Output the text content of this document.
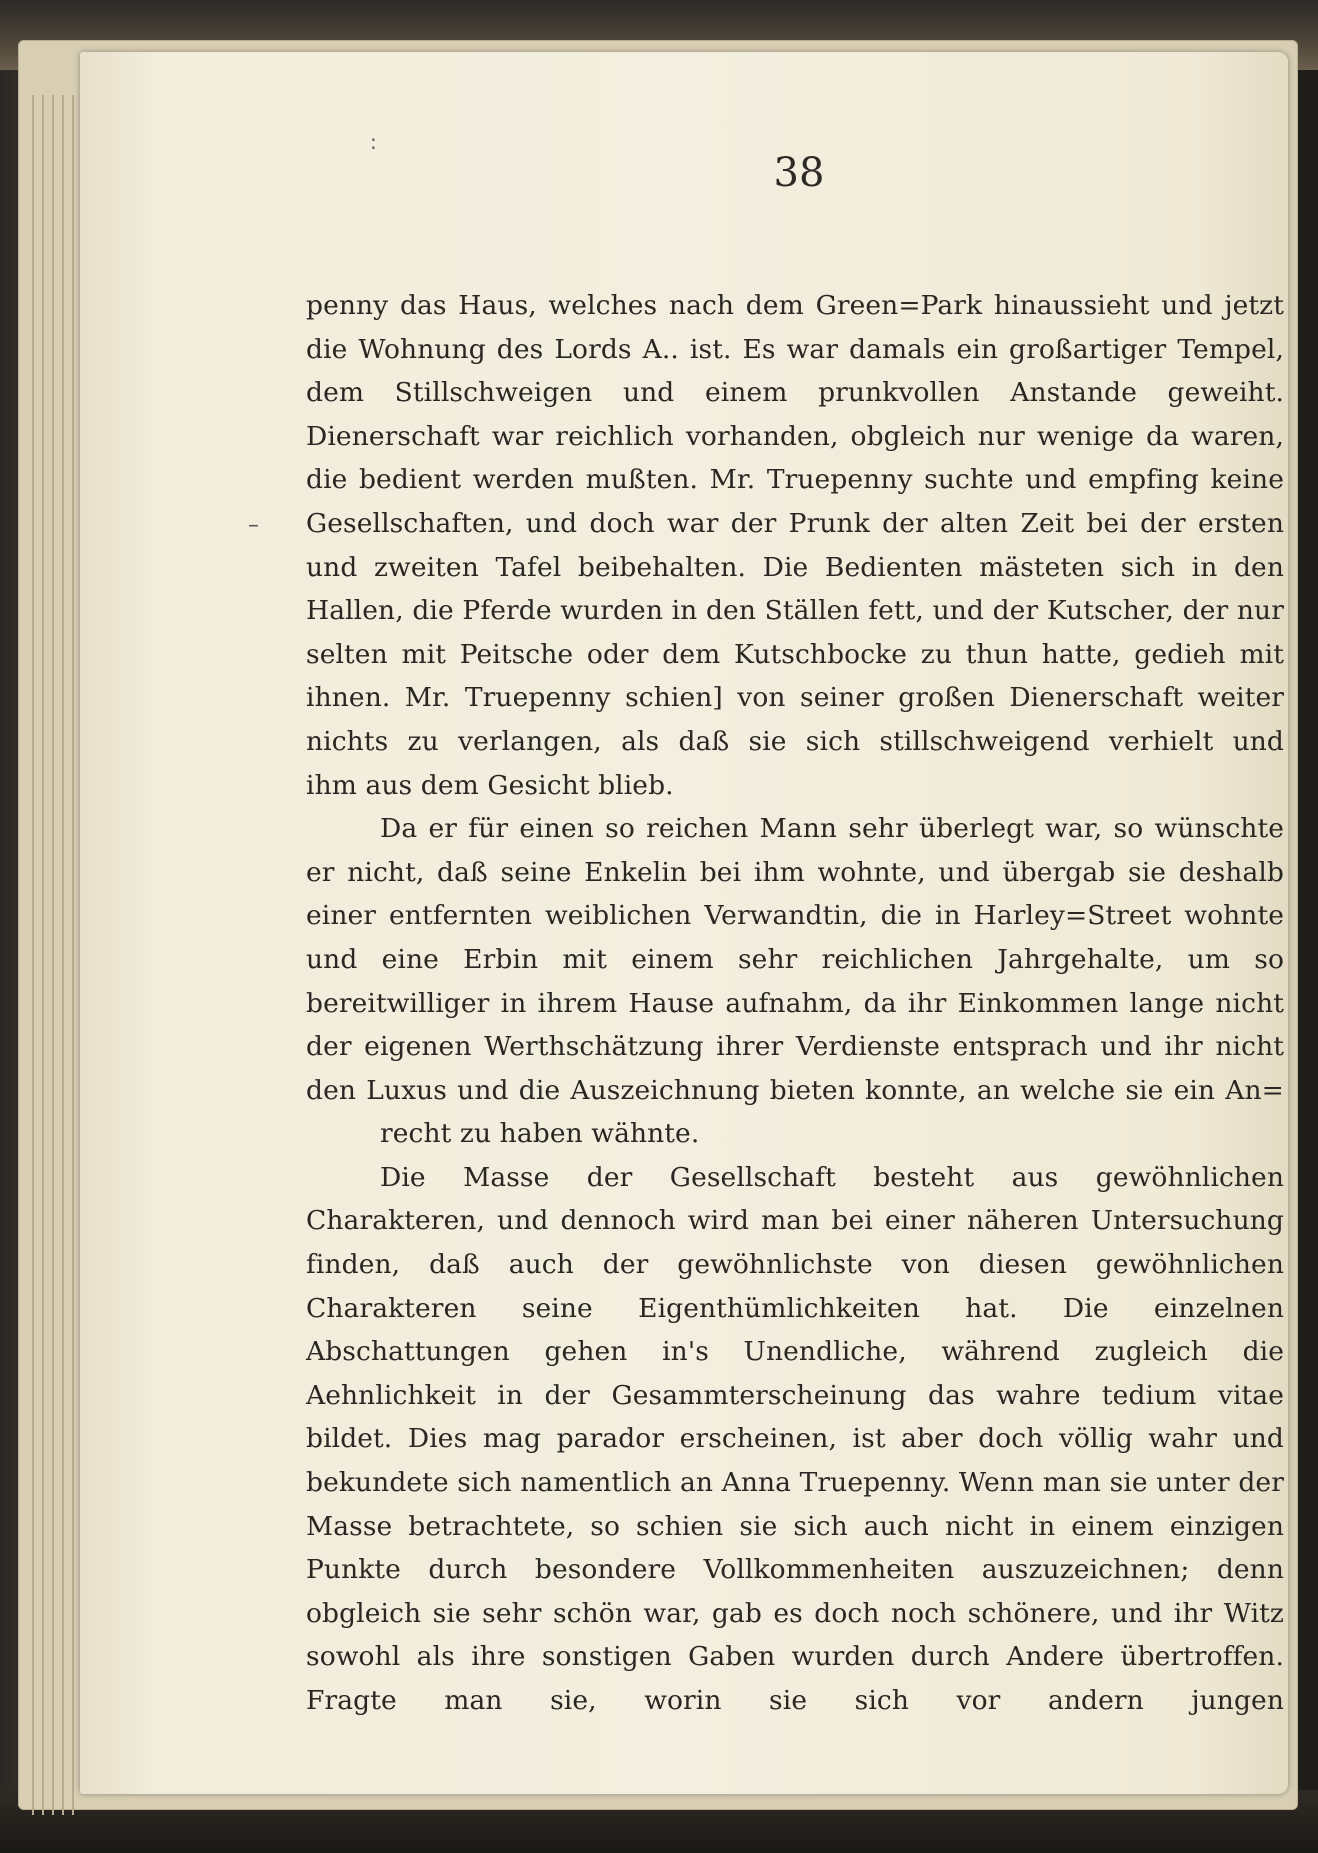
:
–
38

penny das Haus, welches nach dem Green=Park hinaussieht und jetzt die Wohnung des Lords A.. ist. Es war damals ein großartiger Tempel, dem Stillschweigen und einem prunkvollen Anstande geweiht. Dienerschaft war reichlich vorhanden, obgleich nur wenige da waren, die bedient werden mußten. Mr. Truepenny suchte und empfing keine Gesellschaften, und doch war der Prunk der alten Zeit bei der ersten und zweiten Tafel beibehalten. Die Bedienten mästeten sich in den Hallen, die Pferde wurden in den Ställen fett, und der Kutscher, der nur selten mit Peitsche oder dem Kutschbocke zu thun hatte, gedieh mit ihnen. Mr. Truepenny schien] von seiner großen Dienerschaft weiter nichts zu verlangen, als daß sie sich stillschweigend verhielt und
ihm aus dem Gesicht blieb.

Da er für einen so reichen Mann sehr überlegt war, so wünschte er nicht, daß seine Enkelin bei ihm wohnte, und übergab sie deshalb einer entfernten weiblichen Verwandtin, die in Harley=Street wohnte und eine Erbin mit einem sehr reichlichen Jahrgehalte, um so bereitwilliger in ihrem Hause aufnahm, da ihr Einkommen lange nicht der eigenen Werthschätzung ihrer Verdienste entsprach und ihr nicht den Luxus und die Auszeichnung bieten konnte, an welche sie ein An=
recht zu haben wähnte.

Die Masse der Gesellschaft besteht aus gewöhnlichen Charakteren, und dennoch wird man bei einer näheren Untersuchung finden, daß auch der gewöhnlichste von diesen gewöhnlichen Charakteren seine Eigenthümlichkeiten hat. Die einzelnen Abschattungen gehen in's Unendliche, während zugleich die Aehnlichkeit in der Gesammterscheinung das wahre tedium vitae bildet. Dies mag parador erscheinen, ist aber doch völlig wahr und bekundete sich namentlich an Anna Truepenny. Wenn man sie unter der Masse betrachtete, so schien sie sich auch nicht in einem einzigen Punkte durch besondere Vollkommenheiten auszuzeichnen; denn obgleich sie sehr schön war, gab es doch noch schönere, und ihr Witz sowohl als ihre sonstigen Gaben wurden durch Andere übertroffen. Fragte man sie, worin sie sich vor andern jungen
